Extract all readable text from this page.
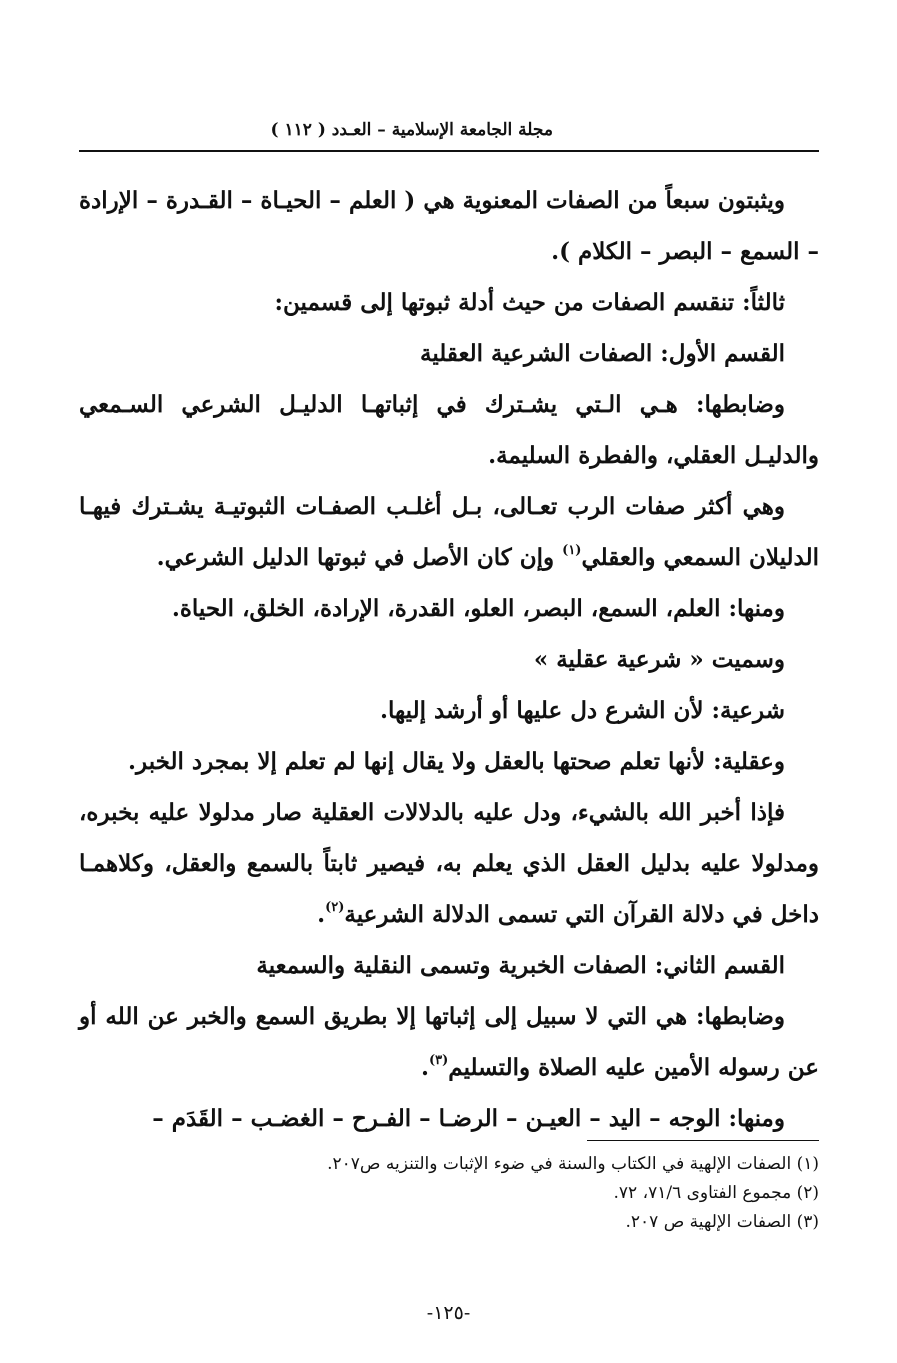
مجلة الجامعة الإسلامية – العـدد ( ١١٢ )

ويثبتون سبعاً من الصفات المعنوية هي ( العلم – الحيـاة – القـدرة – الإرادة – السمع – البصر – الكلام ).

ثالثاً: تنقسم الصفات من حيث أدلة ثبوتها إلى قسمين:

القسم الأول: الصفات الشرعية العقلية

وضابطها: هـي الـتي يشـترك في إثباتهـا الدليـل الشرعي السـمعي والدليـل العقلي، والفطرة السليمة.

وهي أكثر صفات الرب تعـالى، بـل أغلـب الصفـات الثبوتيـة يشـترك فيهـا الدليلان السمعي والعقلي$^{(١)}$ وإن كان الأصل في ثبوتها الدليل الشرعي.

ومنها: العلم، السمع، البصر، العلو، القدرة، الإرادة، الخلق، الحياة.

وسميت « شرعية عقلية »

شرعية: لأن الشرع دل عليها أو أرشد إليها.

وعقلية: لأنها تعلم صحتها بالعقل ولا يقال إنها لم تعلم إلا بمجرد الخبر.

فإذا أخبر الله بالشيء، ودل عليه بالدلالات العقلية صار مدلولا عليه بخبره، ومدلولا عليه بدليل العقل الذي يعلم به، فيصير ثابتاً بالسمع والعقل، وكلاهمـا داخل في دلالة القرآن التي تسمى الدلالة الشرعية$^{(٢)}$.

القسم الثاني: الصفات الخبرية وتسمى النقلية والسمعية

وضابطها: هي التي لا سبيل إلى إثباتها إلا بطريق السمع والخبر عن الله أو عن رسوله الأمين عليه الصلاة والتسليم$^{(٣)}$.

ومنها: الوجه – اليد – العيـن – الرضـا – الفـرح – الغضـب – القَدَم –

(١) الصفات الإلهية في الكتاب والسنة في ضوء الإثبات والتنزيه ص٢٠٧.

(٢) مجموع الفتاوى ٧١/٦، ٧٢.

(٣) الصفات الإلهية ص ٢٠٧.

-١٢٥-
